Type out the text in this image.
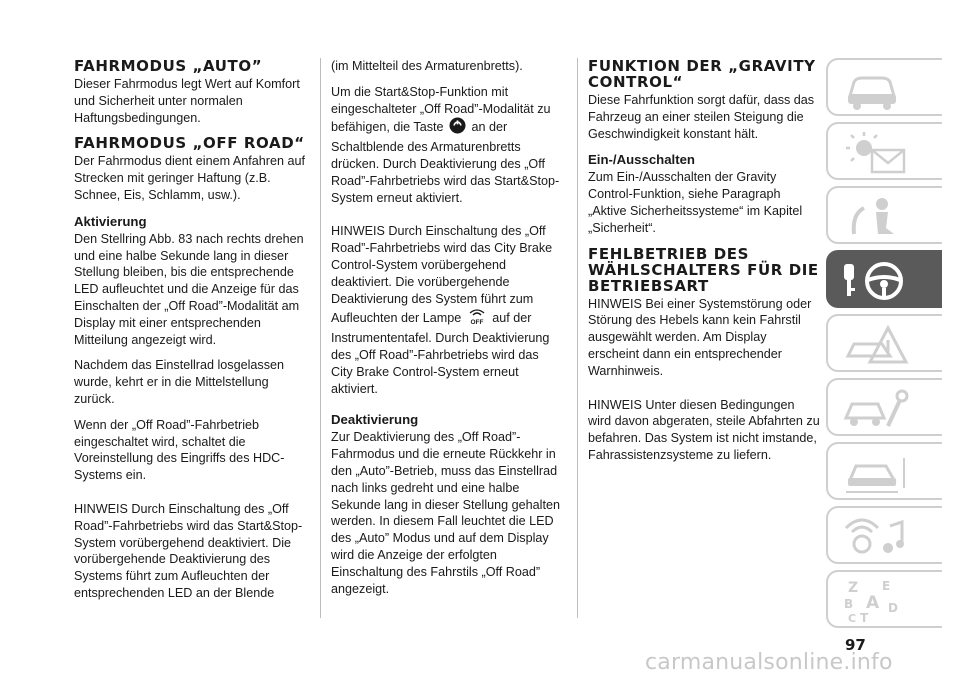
FAHRMODUS „AUTO”

Dieser Fahrmodus legt Wert auf Komfort und Sicherheit unter normalen Haftungsbedingungen.

FAHRMODUS „OFF ROAD“

Der Fahrmodus dient einem Anfahren auf Strecken mit geringer Haftung (z.B. Schnee, Eis, Schlamm, usw.).

Aktivierung

Den Stellring Abb. 83 nach rechts drehen und eine halbe Sekunde lang in dieser Stellung bleiben, bis die entsprechende LED aufleuchtet und die Anzeige für das Einschalten der „Off Road”-Modalität am Display mit einer entsprechenden Mitteilung angezeigt wird.

Nachdem das Einstellrad losgelassen wurde, kehrt er in die Mittelstellung zurück.

Wenn der „Off Road”-Fahrbetrieb eingeschaltet wird, schaltet die Voreinstellung des Eingriffs des HDC-Systems ein.

HINWEIS Durch Einschaltung des „Off Road”-Fahrbetriebs wird das Start&Stop-System vorübergehend deaktiviert. Die vorübergehende Deaktivierung des Systems führt zum Aufleuchten der entsprechenden LED an der Blende

(im Mittelteil des Armaturenbretts).

Um die Start&Stop-Funktion mit eingeschalteter „Off Road”-Modalität zu befähigen, die Taste an der Schaltblende des Armaturenbretts drücken. Durch Deaktivierung des „Off Road”-Fahrbetriebs wird das Start&Stop-System erneut aktiviert.

HINWEIS Durch Einschaltung des „Off Road”-Fahrbetriebs wird das City Brake Control-System vorübergehend deaktiviert. Die vorübergehende Deaktivierung des System führt zum Aufleuchten der Lampe OFF auf der Instrumententafel. Durch Deaktivierung des „Off Road”-Fahrbetriebs wird das City Brake Control-System erneut aktiviert.

Deaktivierung

Zur Deaktivierung des „Off Road”-Fahrmodus und die erneute Rückkehr in den „Auto”-Betrieb, muss das Einstellrad nach links gedreht und eine halbe Sekunde lang in dieser Stellung gehalten werden. In diesem Fall leuchtet die LED des „Auto” Modus und auf dem Display wird die Anzeige der erfolgten Einschaltung des Fahrstils „Off Road” angezeigt.

FUNKTION DER „GRAVITY CONTROL“

Diese Fahrfunktion sorgt dafür, dass das Fahrzeug an einer steilen Steigung die Geschwindigkeit konstant hält.

Ein-/Ausschalten

Zum Ein-/Ausschalten der Gravity Control-Funktion, siehe Paragraph „Aktive Sicherheitssysteme“ im Kapitel „Sicherheit“.

FEHLBETRIEB DES WÄHLSCHALTERS FÜR DIE BETRIEBSART

HINWEIS Bei einer Systemstörung oder Störung des Hebels kann kein Fahrstil ausgewählt werden. Am Display erscheint dann ein entsprechender Warnhinweis.

HINWEIS Unter diesen Bedingungen wird davon abgeraten, steile Abfahrten zu befahren. Das System ist nicht imstande, Fahrassistenzsysteme zu liefern.

Z E
B A
C T
D
97
carmanualsonline.info
